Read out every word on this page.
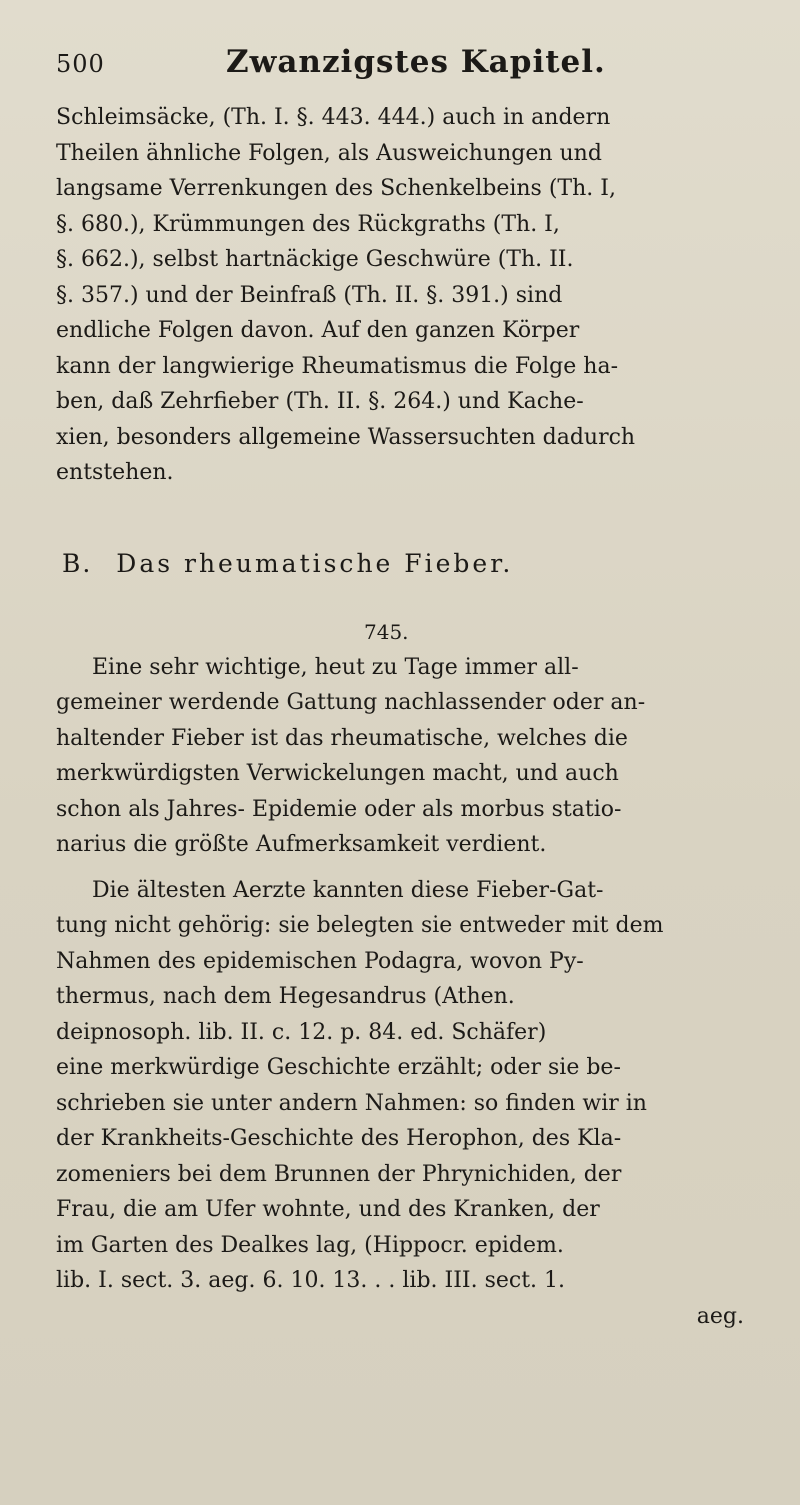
500	Zwanzigstes Kapitel.
Schleimsäcke, (Th. I. §. 443. 444.) auch in andern
Theilen ähnliche Folgen, als Ausweichungen und
langsame Verrenkungen des Schenkelbeins (Th. I,
§. 680.), Krümmungen des Rückgraths (Th. I,
§. 662.), selbst hartnäckige Geschwüre (Th. II.
§. 357.) und der Beinfraß (Th. II. §. 391.) sind
endliche Folgen davon. Auf den ganzen Körper
kann der langwierige Rheumatismus die Folge ha-
ben, daß Zehrfieber (Th. II. §. 264.) und Kache-
xien, besonders allgemeine Wassersuchten dadurch
entstehen.
B. Das rheumatische Fieber.
745.
Eine sehr wichtige, heut zu Tage immer all-
gemeiner werdende Gattung nachlassender oder an-
haltender Fieber ist das rheumatische, welches die
merkwürdigsten Verwickelungen macht, und auch
schon als Jahres- Epidemie oder als morbus statio-
narius die größte Aufmerksamkeit verdient.
Die ältesten Aerzte kannten diese Fieber-Gat-
tung nicht gehörig: sie belegten sie entweder mit dem
Nahmen des epidemischen Podagra, wovon Py-
thermus, nach dem Hegesandrus (Athen.
deipnosoph. lib. II. c. 12. p. 84. ed. Schäfer)
eine merkwürdige Geschichte erzählt; oder sie be-
schrieben sie unter andern Nahmen: so finden wir in
der Krankheits-Geschichte des Herophon, des Kla-
zomeniers bei dem Brunnen der Phrynichiden, der
Frau, die am Ufer wohnte, und des Kranken, der
im Garten des Dealkes lag, (Hippocr. epidem.
lib. I. sect. 3. aeg. 6. 10. 13. . . lib. III. sect. 1.
aeg.
